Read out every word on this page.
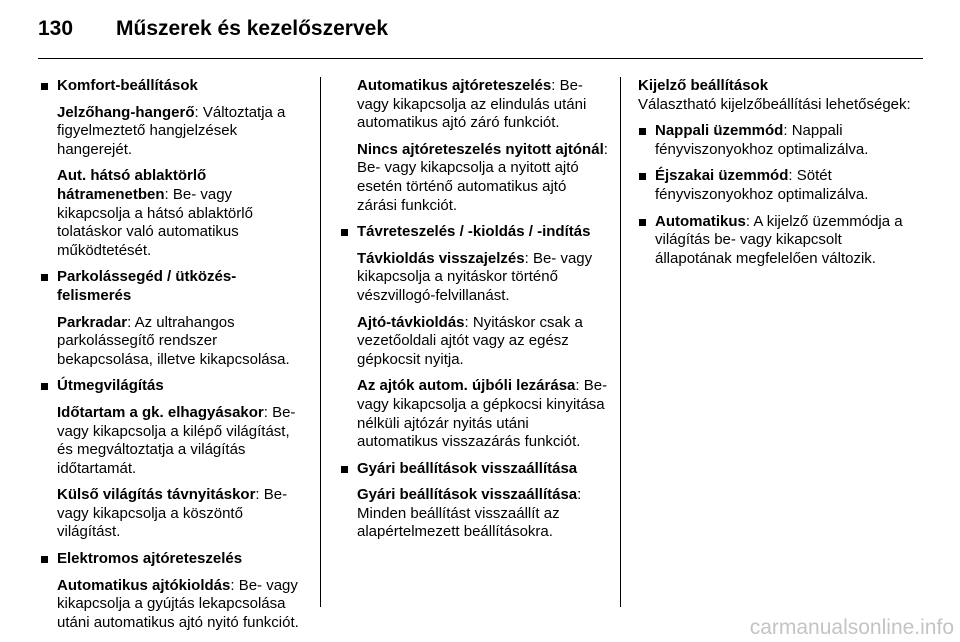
130 Műszerek és kezelőszervek
Komfort-beállítások
Jelzőhang-hangerő: Változtatja a figyelmeztető hangjelzések hangerejét.
Aut. hátsó ablaktörlő hátramenetben: Be- vagy kikapcsolja a hátsó ablaktörlő tolatáskor való automatikus működtetését.
Parkolássegéd / ütközés-felismerés
Parkradar: Az ultrahangos parkolássegítő rendszer bekapcsolása, illetve kikapcsolása.
Útmegvilágítás
Időtartam a gk. elhagyásakor: Be- vagy kikapcsolja a kilépő világítást, és megváltoztatja a világítás időtartamát.
Külső világítás távnyitáskor: Be- vagy kikapcsolja a köszöntő világítást.
Elektromos ajtóreteszelés
Automatikus ajtókioldás: Be- vagy kikapcsolja a gyújtás lekapcsolása utáni automatikus ajtó nyitó funkciót.
Automatikus ajtóreteszelés: Be- vagy kikapcsolja az elindulás utáni automatikus ajtó záró funkciót.
Nincs ajtóreteszelés nyitott ajtónál: Be- vagy kikapcsolja a nyitott ajtó esetén történő automatikus ajtó zárási funkciót.
Távreteszelés / -kioldás / -indítás
Távkioldás visszajelzés: Be- vagy kikapcsolja a nyitáskor történő vészvillogó-felvillanást.
Ajtó-távkioldás: Nyitáskor csak a vezetőoldali ajtót vagy az egész gépkocsit nyitja.
Az ajtók autom. újbóli lezárása: Be- vagy kikapcsolja a gépkocsi kinyitása nélküli ajtózár nyitás utáni automatikus visszazárás funkciót.
Gyári beállítások visszaállítása
Gyári beállítások visszaállítása: Minden beállítást visszaállít az alapértelmezett beállításokra.
Kijelző beállítások
Választható kijelzőbeállítási lehetőségek:
Nappali üzemmód: Nappali fényviszonyokhoz optimalizálva.
Éjszakai üzemmód: Sötét fényviszonyokhoz optimalizálva.
Automatikus: A kijelző üzemmódja a világítás be- vagy kikapcsolt állapotának megfelelően változik.
carmanualsonline.info
